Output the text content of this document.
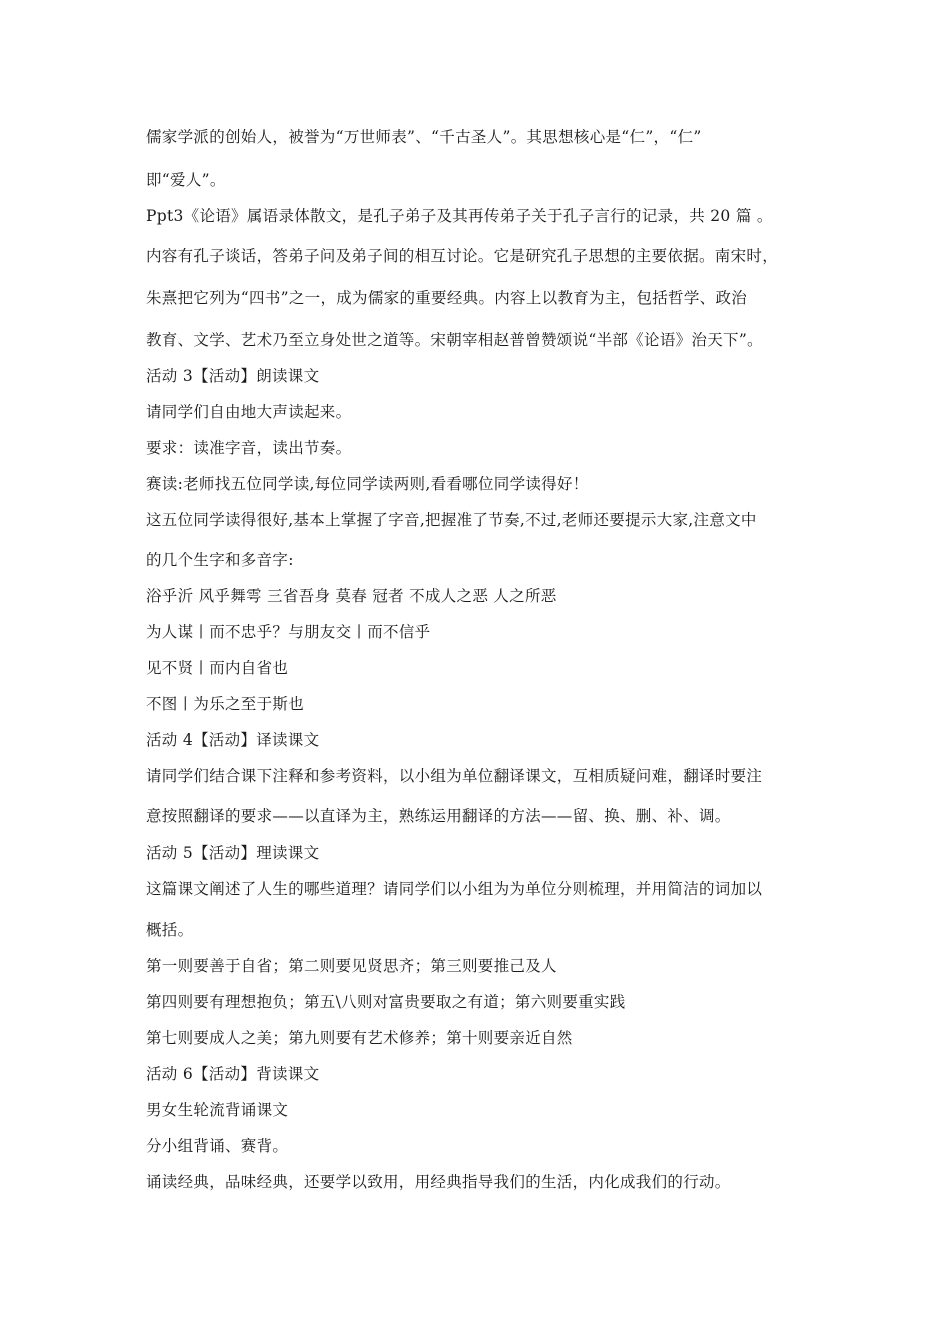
儒家学派的创始人，被誉为“万世师表”、“千古圣人”。其思想核心是“仁”，“仁”
即“爱人”。
Ppt3《论语》属语录体散文，是孔子弟子及其再传弟子关于孔子言行的记录，共 20 篇 。
内容有孔子谈话，答弟子问及弟子间的相互讨论。它是研究孔子思想的主要依据。南宋时，
朱熹把它列为“四书”之一，成为儒家的重要经典。内容上以教育为主，包括哲学、政治
教育、文学、艺术乃至立身处世之道等。宋朝宰相赵普曾赞颂说“半部《论语》治天下”。
活动 3【活动】朗读课文
请同学们自由地大声读起来。
要求：读准字音，读出节奏。
赛读:老师找五位同学读,每位同学读两则,看看哪位同学读得好！
这五位同学读得很好,基本上掌握了字音,把握准了节奏,不过,老师还要提示大家,注意文中
的几个生字和多音字:
浴乎沂 风乎舞雩 三省吾身 莫春 冠者 不成人之恶 人之所恶
为人谋丨而不忠乎？与朋友交丨而不信乎
见不贤丨而内自省也
不图丨为乐之至于斯也
活动 4【活动】译读课文
请同学们结合课下注释和参考资料，以小组为单位翻译课文，互相质疑问难，翻译时要注
意按照翻译的要求——以直译为主，熟练运用翻译的方法——留、换、删、补、调。
活动 5【活动】理读课文
这篇课文阐述了人生的哪些道理？请同学们以小组为为单位分则梳理，并用简洁的词加以
概括。
第一则要善于自省；第二则要见贤思齐；第三则要推己及人
第四则要有理想抱负；第五\八则对富贵要取之有道；第六则要重实践
第七则要成人之美；第九则要有艺术修养；第十则要亲近自然
活动 6【活动】背读课文
男女生轮流背诵课文
分小组背诵、赛背。
诵读经典，品味经典，还要学以致用，用经典指导我们的生活，内化成我们的行动。
